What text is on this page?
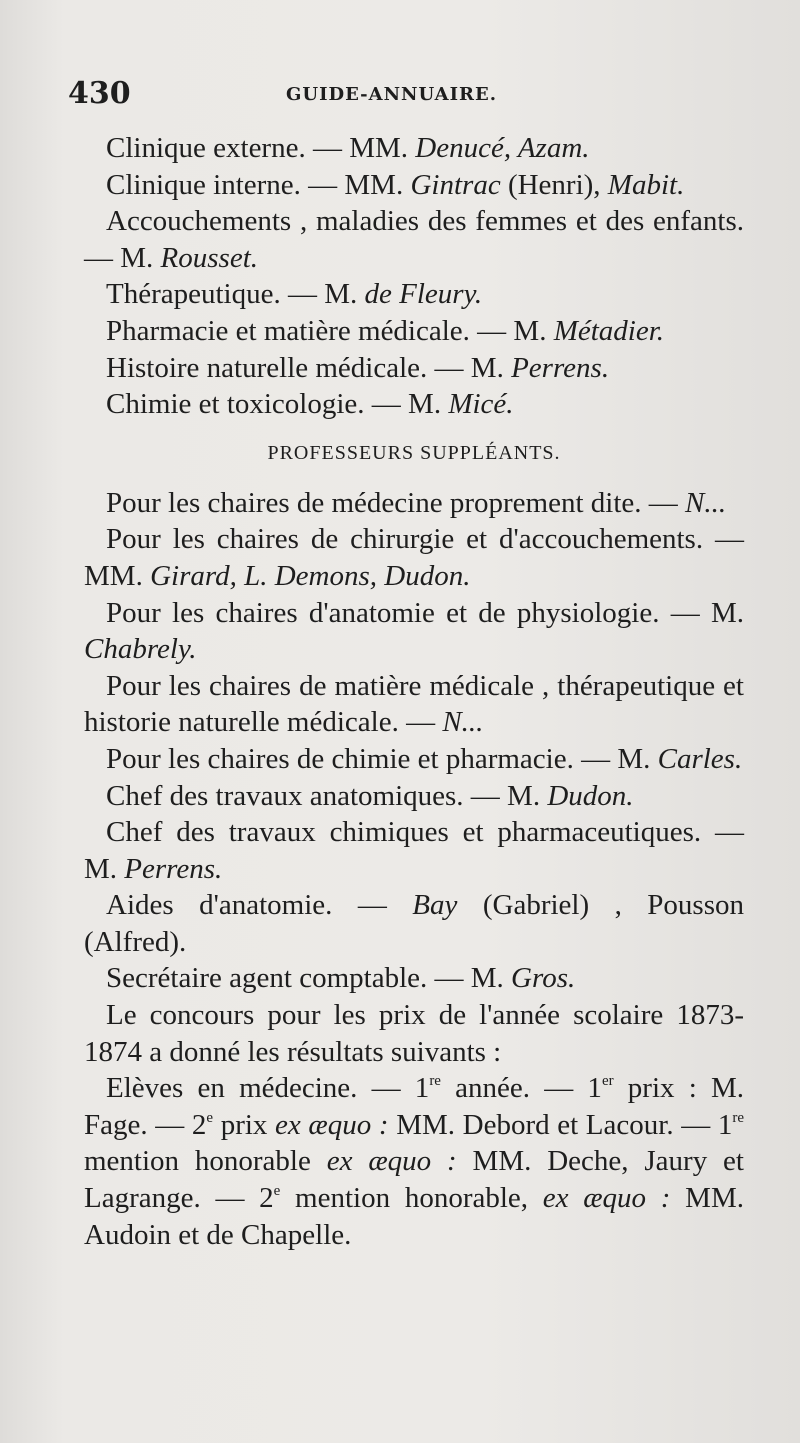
430	GUIDE-ANNUAIRE.

Clinique externe. — MM. Denucé, Azam.

Clinique interne. — MM. Gintrac (Henri), Mabit.

Accouchements , maladies des femmes et des enfants. — M. Rousset.

Thérapeutique. — M. de Fleury.

Pharmacie et matière médicale. — M. Métadier.

Histoire naturelle médicale. — M. Perrens.

Chimie et toxicologie. — M. Micé.

PROFESSEURS SUPPLÉANTS.

Pour les chaires de médecine proprement dite. — N...

Pour les chaires de chirurgie et d'accouchements. — MM. Girard, L. Demons, Dudon.

Pour les chaires d'anatomie et de physiologie. — M. Chabrely.

Pour les chaires de matière médicale , thérapeutique et historie naturelle médicale. — N...

Pour les chaires de chimie et pharmacie. — M. Carles.

Chef des travaux anatomiques. — M. Dudon.

Chef des travaux chimiques et pharmaceutiques. — M. Perrens.

Aides d'anatomie. — Bay (Gabriel) , Pousson (Alfred).

Secrétaire agent comptable. — M. Gros.

Le concours pour les prix de l'année scolaire 1873-1874 a donné les résultats suivants :

Elèves en médecine. — 1re année. — 1er prix : M. Fage. — 2e prix ex æquo : MM. Debord et Lacour. — 1re mention honorable ex æquo : MM. Deche, Jaury et Lagrange. — 2e mention honorable, ex æquo : MM. Audoin et de Chapelle.
